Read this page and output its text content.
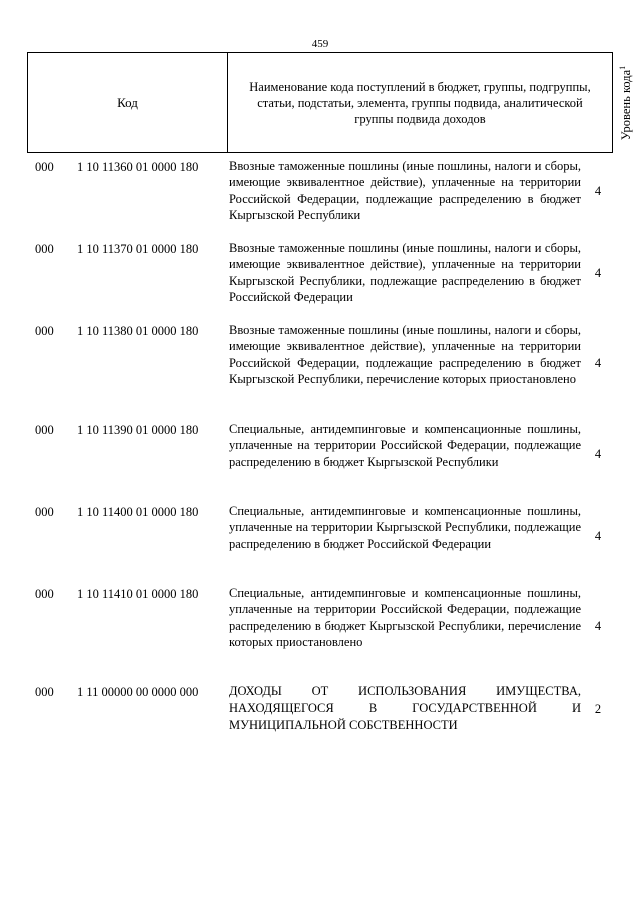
459
Код
Наименование кода поступлений в бюджет, группы, подгруппы, статьи, подстатьи, элемента, группы подвида, аналитической группы подвида доходов	Уровень кода$^1$
000 1 10 11360 01 0000 180 Ввозные таможенные пошлины (иные пошлины, налоги и сборы, имеющие эквивалентное действие), уплаченные на территории Российской Федерации, подлежащие распределению в бюджет Кыргызской Республики
4
000 1 10 11370 01 0000 180 Ввозные таможенные пошлины (иные пошлины, налоги и сборы, имеющие эквивалентное действие), уплаченные на территории Кыргызской Республики, подлежащие распределению в бюджет Российской Федерации
4
000 1 10 11380 01 0000 180 Ввозные таможенные пошлины (иные пошлины, налоги и сборы, имеющие эквивалентное действие), уплаченные на территории Российской Федерации, подлежащие распределению в бюджет Кыргызской Республики, перечисление которых приостановлено
4
000 1 10 11390 01 0000 180 Специальные, антидемпинговые и компенсационные пошлины, уплаченные на территории Российской Федерации, подлежащие распределению в бюджет Кыргызской Республики
4
000 1 10 11400 01 0000 180 Специальные, антидемпинговые и компенсационные пошлины, уплаченные на территории Кыргызской Республики, подлежащие распределению в бюджет Российской Федерации
4
000 1 10 11410 01 0000 180 Специальные, антидемпинговые и компенсационные пошлины, уплаченные на территории Российской Федерации, подлежащие распределению в бюджет Кыргызской Республики, перечисление которых приостановлено
4
000 1 11 00000 00 0000 000 ДОХОДЫ ОТ ИСПОЛЬЗОВАНИЯ ИМУЩЕСТВА, НАХОДЯЩЕГОСЯ В ГОСУДАРСТВЕННОЙ И МУНИЦИПАЛЬНОЙ СОБСТВЕННОСТИ
2
